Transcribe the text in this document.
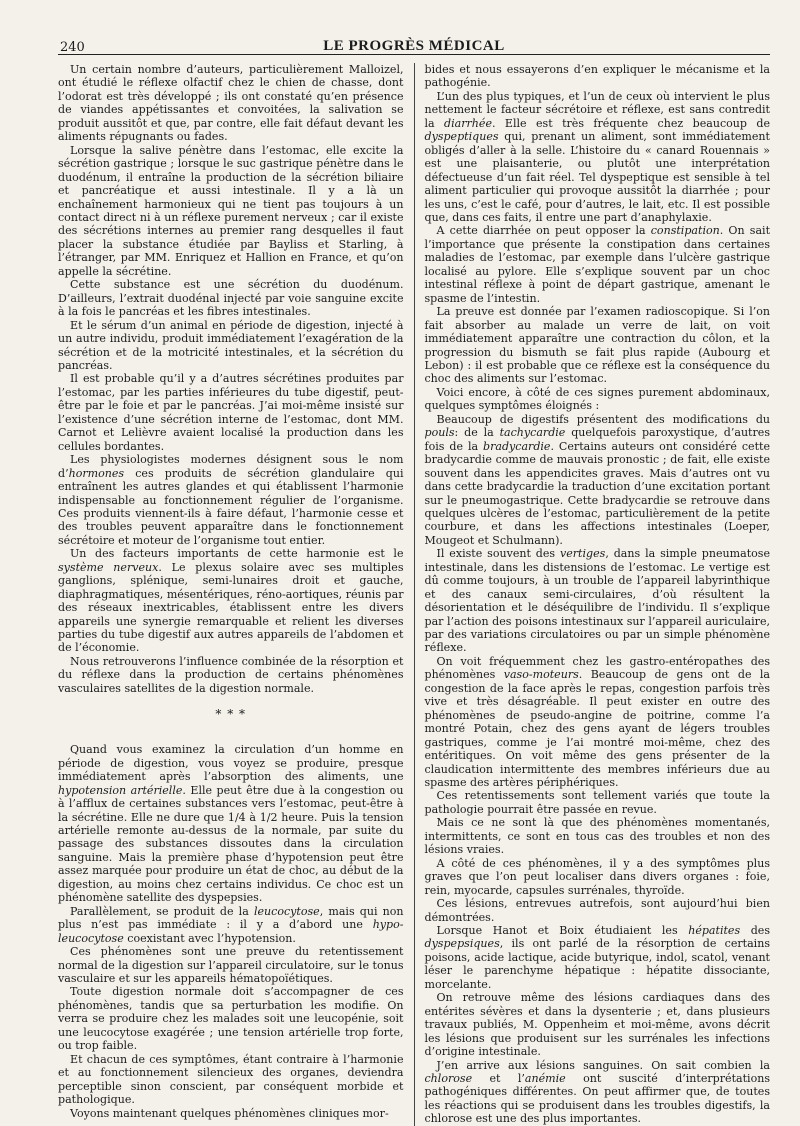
240	LE PROGRÈS MÉDICAL

Un certain nombre d’auteurs, particulièrement Malloizel, ont étudié le réflexe olfactif chez le chien de chasse, dont l’odorat est très développé ; ils ont constaté qu’en présence de viandes appétissantes et convoitées, la salivation se produit aussitôt et que, par contre, elle fait défaut devant les aliments répugnants ou fades.

Lorsque la salive pénètre dans l’estomac, elle excite la sécrétion gastrique ; lorsque le suc gastrique pénètre dans le duodénum, il entraîne la production de la sécrétion biliaire et pancréatique et aussi intestinale. Il y a là un enchaînement harmonieux qui ne tient pas toujours à un contact direct ni à un réflexe purement nerveux ; car il existe des sécrétions internes au premier rang desquelles il faut placer la substance étudiée par Bayliss et Starling, à l’étranger, par MM. Enriquez et Hallion en France, et qu’on appelle la sécrétine.

Cette substance est une sécrétion du duodénum. D’ailleurs, l’extrait duodénal injecté par voie sanguine excite à la fois le pancréas et les fibres intestinales.

Et le sérum d’un animal en période de digestion, injecté à un autre individu, produit immédiatement l’exagération de la sécrétion et de la motricité intestinales, et la sécrétion du pancréas.

Il est probable qu’il y a d’autres sécrétines produites par l’estomac, par les parties inférieures du tube digestif, peut-être par le foie et par le pancréas. J’ai moi-même insisté sur l’existence d’une sécrétion interne de l’estomac, dont MM. Carnot et Lelièvre avaient localisé la production dans les cellules bordantes.

Les physiologistes modernes désignent sous le nom d’hormones ces produits de sécrétion glandulaire qui entraînent les autres glandes et qui établissent l’harmonie indispensable au fonctionnement régulier de l’organisme. Ces produits viennent-ils à faire défaut, l’harmonie cesse et des troubles peuvent apparaître dans le fonctionnement sécrétoire et moteur de l’organisme tout entier.

Un des facteurs importants de cette harmonie est le système nerveux. Le plexus solaire avec ses multiples ganglions, splénique, semi-lunaires droit et gauche, diaphragmatiques, mésentériques, réno-aortiques, réunis par des réseaux inextricables, établissent entre les divers appareils une synergie remarquable et relient les diverses parties du tube digestif aux autres appareils de l’abdomen et de l’économie.

Nous retrouverons l’influence combinée de la résorption et du réflexe dans la production de certains phénomènes vasculaires satellites de la digestion normale.

* * *

Quand vous examinez la circulation d’un homme en période de digestion, vous voyez se produire, presque immédiatement après l’absorption des aliments, une hypotension artérielle. Elle peut être due à la congestion ou à l’afflux de certaines substances vers l’estomac, peut-être à la sécrétine. Elle ne dure que 1/4 à 1/2 heure. Puis la tension artérielle remonte au-dessus de la normale, par suite du passage des substances dissoutes dans la circulation sanguine. Mais la première phase d’hypotension peut être assez marquée pour produire un état de choc, au début de la digestion, au moins chez certains individus. Ce choc est un phénomène satellite des dyspepsies.

Parallèlement, se produit de la leucocytose, mais qui non plus n’est pas immédiate : il y a d’abord une hypo-leucocytose coexistant avec l’hypotension.

Ces phénomènes sont une preuve du retentissement normal de la digestion sur l’appareil circulatoire, sur le tonus vasculaire et sur les appareils hématopoïétiques.

Toute digestion normale doit s’accompagner de ces phénomènes, tandis que sa perturbation les modifie. On verra se produire chez les malades soit une leucopénie, soit une leucocytose exagérée ; une tension artérielle trop forte, ou trop faible.

Et chacun de ces symptômes, étant contraire à l’harmonie et au fonctionnement silencieux des organes, deviendra perceptible sinon conscient, par conséquent morbide et pathologique.

Voyons maintenant quelques phénomènes cliniques mor-

bides et nous essayerons d’en expliquer le mécanisme et la pathogénie.

L’un des plus typiques, et l’un de ceux où intervient le plus nettement le facteur sécrétoire et réflexe, est sans contredit la diarrhée. Elle est très fréquente chez beaucoup de dyspeptiques qui, prenant un aliment, sont immédiatement obligés d’aller à la selle. L’histoire du « canard Rouennais » est une plaisanterie, ou plutôt une interprétation défectueuse d’un fait réel. Tel dyspeptique est sensible à tel aliment particulier qui provoque aussitôt la diarrhée ; pour les uns, c’est le café, pour d’autres, le lait, etc. Il est possible que, dans ces faits, il entre une part d’anaphylaxie.

A cette diarrhée on peut opposer la constipation. On sait l’importance que présente la constipation dans certaines maladies de l’estomac, par exemple dans l’ulcère gastrique localisé au pylore. Elle s’explique souvent par un choc intestinal réflexe à point de départ gastrique, amenant le spasme de l’intestin.

La preuve est donnée par l’examen radioscopique. Si l’on fait absorber au malade un verre de lait, on voit immédiatement apparaître une contraction du côlon, et la progression du bismuth se fait plus rapide (Aubourg et Lebon) : il est probable que ce réflexe est la conséquence du choc des aliments sur l’estomac.

Voici encore, à côté de ces signes purement abdominaux, quelques symptômes éloignés :

Beaucoup de digestifs présentent des modifications du pouls: de la tachycardie quelquefois paroxystique, d’autres fois de la bradycardie. Certains auteurs ont considéré cette bradycardie comme de mauvais pronostic ; de fait, elle existe souvent dans les appendicites graves. Mais d’autres ont vu dans cette bradycardie la traduction d’une excitation portant sur le pneumogastrique. Cette bradycardie se retrouve dans quelques ulcères de l’estomac, particulièrement de la petite courbure, et dans les affections intestinales (Loeper, Mougeot et Schulmann).

Il existe souvent des vertiges, dans la simple pneumatose intestinale, dans les distensions de l’estomac. Le vertige est dû comme toujours, à un trouble de l’appareil labyrinthique et des canaux semi-circulaires, d’où résultent la désorientation et le déséquilibre de l’individu. Il s’explique par l’action des poisons intestinaux sur l’appareil auriculaire, par des variations circulatoires ou par un simple phénomène réflexe.

On voit fréquemment chez les gastro-entéropathes des phénomènes vaso-moteurs. Beaucoup de gens ont de la congestion de la face après le repas, congestion parfois très vive et très désagréable. Il peut exister en outre des phénomènes de pseudo-angine de poitrine, comme l’a montré Potain, chez des gens ayant de légers troubles gastriques, comme je l’ai montré moi-même, chez des entéritiques. On voit même des gens présenter de la claudication intermittente des membres inférieurs due au spasme des artères périphériques.

Ces retentissements sont tellement variés que toute la pathologie pourrait être passée en revue.

Mais ce ne sont là que des phénomènes momentanés, intermittents, ce sont en tous cas des troubles et non des lésions vraies.

A côté de ces phénomènes, il y a des symptômes plus graves que l’on peut localiser dans divers organes : foie, rein, myocarde, capsules surrénales, thyroïde.

Ces lésions, entrevues autrefois, sont aujourd’hui bien démontrées.

Lorsque Hanot et Boix étudiaient les hépatites des dyspepsiques, ils ont parlé de la résorption de certains poisons, acide lactique, acide butyrique, indol, scatol, venant léser le parenchyme hépatique : hépatite dissociante, morcelante.

On retrouve même des lésions cardiaques dans des entérites sévères et dans la dysenterie ; et, dans plusieurs travaux publiés, M. Oppenheim et moi-même, avons décrit les lésions que produisent sur les surrénales les infections d’origine intestinale.

J’en arrive aux lésions sanguines. On sait combien la chlorose et l’anémie ont suscité d’interprétations pathogéniques différentes. On peut affirmer que, de toutes les réactions qui se produisent dans les troubles digestifs, la chlorose est une des plus importantes.
